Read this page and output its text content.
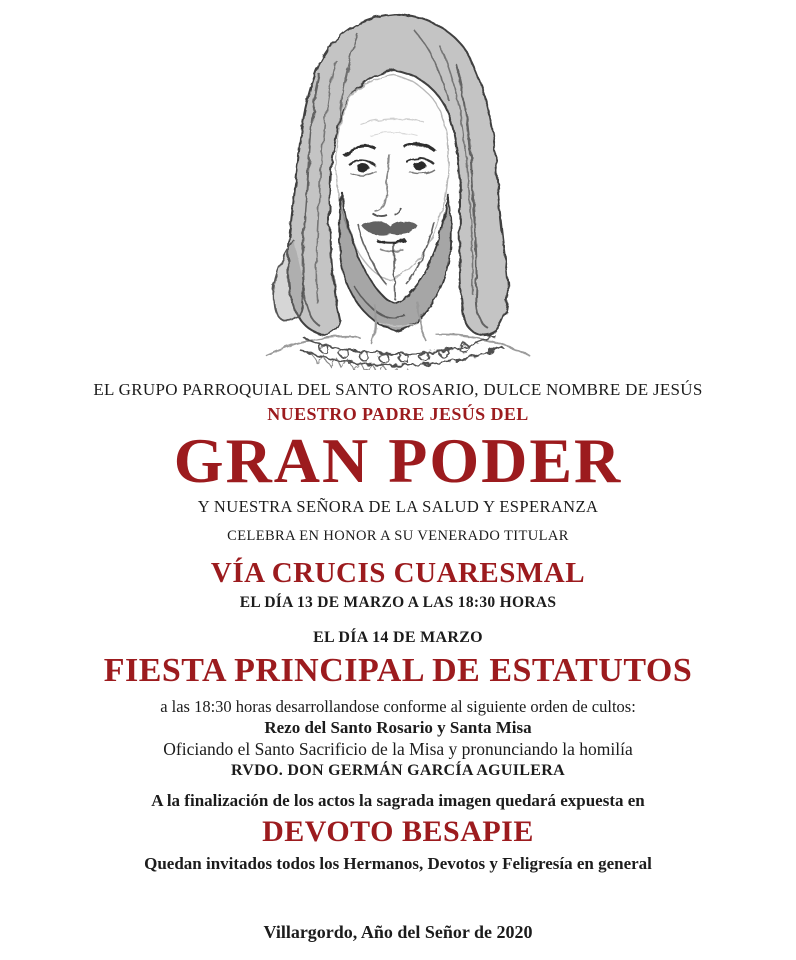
EL GRUPO PARROQUIAL DEL SANTO ROSARIO, DULCE NOMBRE DE JESÚS
NUESTRO PADRE JESÚS DEL
GRAN PODER
Y NUESTRA SEÑORA DE LA SALUD Y ESPERANZA
CELEBRA EN HONOR A SU VENERADO TITULAR
VÍA CRUCIS CUARESMAL
EL DÍA 13 DE MARZO A LAS 18:30 HORAS
EL DÍA 14 DE MARZO
FIESTA PRINCIPAL DE ESTATUTOS
a las 18:30 horas desarrollandose conforme al siguiente orden de cultos:
Rezo del Santo Rosario y Santa Misa
Oficiando el Santo Sacrificio de la Misa y pronunciando la homilía
RVDO. DON GERMÁN GARCÍA AGUILERA
A la finalización de los actos la sagrada imagen quedará expuesta en
DEVOTO BESAPIE
Quedan invitados todos los Hermanos, Devotos y Feligresía en general
Villargordo, Año del Señor de 2020
